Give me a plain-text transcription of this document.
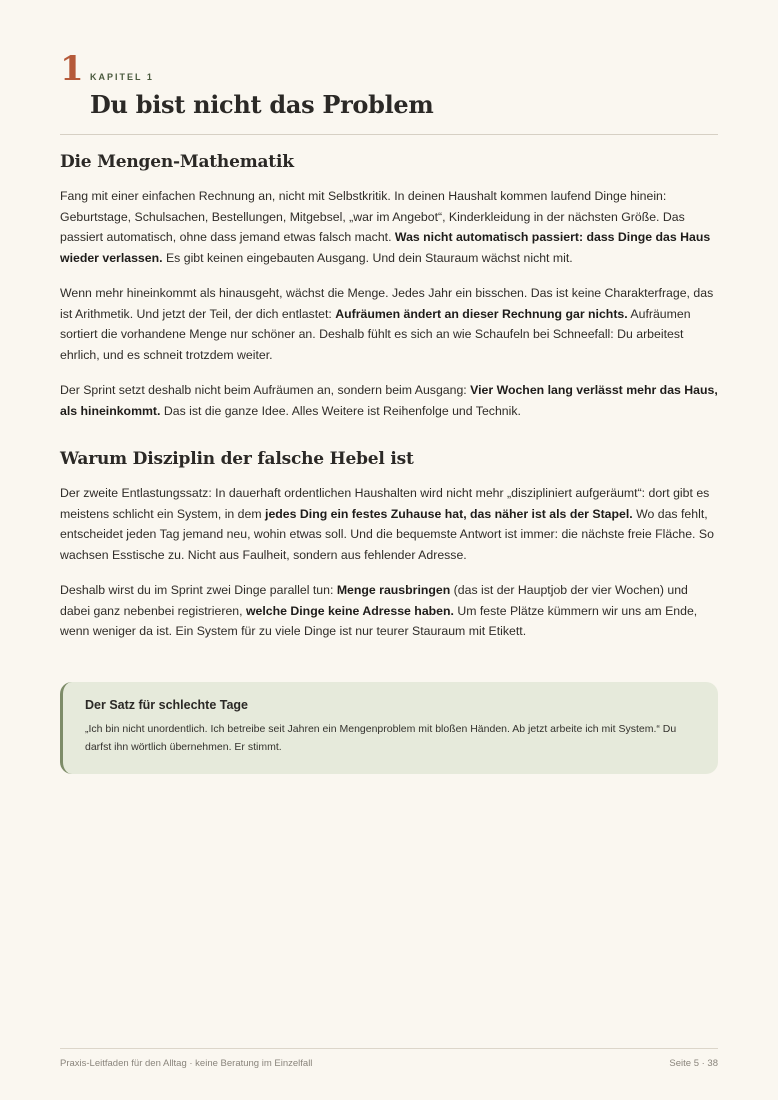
1 KAPITEL 1
Du bist nicht das Problem
Die Mengen-Mathematik

Fang mit einer einfachen Rechnung an, nicht mit Selbstkritik. In deinen Haushalt kommen laufend Dinge hinein: Geburtstage, Schulsachen, Bestellungen, Mitgebsel, „war im Angebot“, Kinderkleidung in der nächsten Größe. Das passiert automatisch, ohne dass jemand etwas falsch macht. Was nicht automatisch passiert: dass Dinge das Haus wieder verlassen. Es gibt keinen eingebauten Ausgang. Und dein Stauraum wächst nicht mit.

Wenn mehr hineinkommt als hinausgeht, wächst die Menge. Jedes Jahr ein bisschen. Das ist keine Charakterfrage, das ist Arithmetik. Und jetzt der Teil, der dich entlastet: Aufräumen ändert an dieser Rechnung gar nichts. Aufräumen sortiert die vorhandene Menge nur schöner an. Deshalb fühlt es sich an wie Schaufeln bei Schneefall: Du arbeitest ehrlich, und es schneit trotzdem weiter.

Der Sprint setzt deshalb nicht beim Aufräumen an, sondern beim Ausgang: Vier Wochen lang verlässt mehr das Haus, als hineinkommt. Das ist die ganze Idee. Alles Weitere ist Reihenfolge und Technik.

Warum Disziplin der falsche Hebel ist

Der zweite Entlastungssatz: In dauerhaft ordentlichen Haushalten wird nicht mehr „diszipliniert aufgeräumt“: dort gibt es meistens schlicht ein System, in dem jedes Ding ein festes Zuhause hat, das näher ist als der Stapel. Wo das fehlt, entscheidet jeden Tag jemand neu, wohin etwas soll. Und die bequemste Antwort ist immer: die nächste freie Fläche. So wachsen Esstische zu. Nicht aus Faulheit, sondern aus fehlender Adresse.

Deshalb wirst du im Sprint zwei Dinge parallel tun: Menge rausbringen (das ist der Hauptjob der vier Wochen) und dabei ganz nebenbei registrieren, welche Dinge keine Adresse haben. Um feste Plätze kümmern wir uns am Ende, wenn weniger da ist. Ein System für zu viele Dinge ist nur teurer Stauraum mit Etikett.

Der Satz für schlechte Tage

„Ich bin nicht unordentlich. Ich betreibe seit Jahren ein Mengenproblem mit bloßen Händen. Ab jetzt arbeite ich mit System.“ Du darfst ihn wörtlich übernehmen. Er stimmt.

Praxis-Leitfaden für den Alltag · keine Beratung im Einzelfall	Seite 5 · 38
